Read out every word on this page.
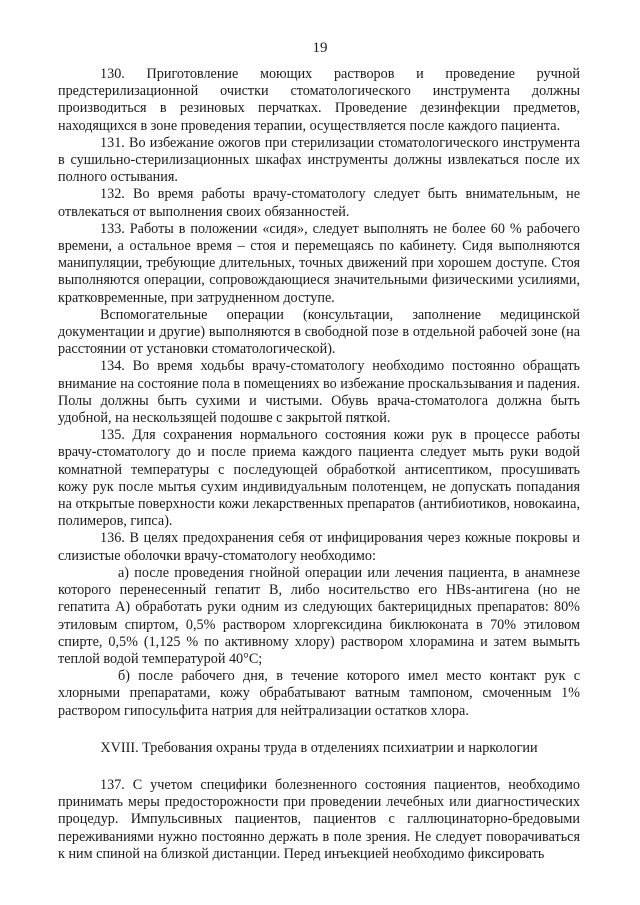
19

130. Приготовление моющих растворов и проведение ручной предстерилизационной очистки стоматологического инструмента должны производиться в резиновых перчатках. Проведение дезинфекции предметов, находящихся в зоне проведения терапии, осуществляется после каждого пациента.

131. Во избежание ожогов при стерилизации стоматологического инструмента в сушильно-стерилизационных шкафах инструменты должны извлекаться после их полного остывания.

132. Во время работы врачу-стоматологу следует быть внимательным, не отвлекаться от выполнения своих обязанностей.

133. Работы в положении «сидя», следует выполнять не более 60 % рабочего времени, а остальное время – стоя и перемещаясь по кабинету. Сидя выполняются манипуляции, требующие длительных, точных движений при хорошем доступе. Стоя выполняются операции, сопровождающиеся значительными физическими усилиями, кратковременные, при затрудненном доступе.

Вспомогательные операции (консультации, заполнение медицинской документации и другие) выполняются в свободной позе в отдельной рабочей зоне (на расстоянии от установки стоматологической).

134. Во время ходьбы врачу-стоматологу необходимо постоянно обращать внимание на состояние пола в помещениях во избежание проскальзывания и падения. Полы должны быть сухими и чистыми. Обувь врача-стоматолога должна быть удобной, на нескользящей подошве с закрытой пяткой.

135. Для сохранения нормального состояния кожи рук в процессе работы врачу-стоматологу до и после приема каждого пациента следует мыть руки водой комнатной температуры с последующей обработкой антисептиком, просушивать кожу рук после мытья сухим индивидуальным полотенцем, не допускать попадания на открытые поверхности кожи лекарственных препаратов (антибиотиков, новокаина, полимеров, гипса).

136. В целях предохранения себя от инфицирования через кожные покровы и слизистые оболочки врачу-стоматологу необходимо:

а) после проведения гнойной операции или лечения пациента, в анамнезе которого перенесенный гепатит В, либо носительство его HBs-антигена (но не гепатита А) обработать руки одним из следующих бактерицидных препаратов: 80% этиловым спиртом, 0,5% раствором хлоргексидина биклюконата в 70% этиловом спирте, 0,5% (1,125 % по активному хлору) раствором хлорамина и затем вымыть теплой водой температурой 40°С;

б) после рабочего дня, в течение которого имел место контакт рук с хлорными препаратами, кожу обрабатывают ватным тампоном, смоченным 1% раствором гипосульфита натрия для нейтрализации остатков хлора.

XVIII. Требования охраны труда в отделениях психиатрии и наркологии

137. С учетом специфики болезненного состояния пациентов, необходимо принимать меры предосторожности при проведении лечебных или диагностических процедур. Импульсивных пациентов, пациентов с галлюцинаторно-бредовыми переживаниями нужно постоянно держать в поле зрения. Не следует поворачиваться к ним спиной на близкой дистанции. Перед инъекцией необходимо фиксировать
